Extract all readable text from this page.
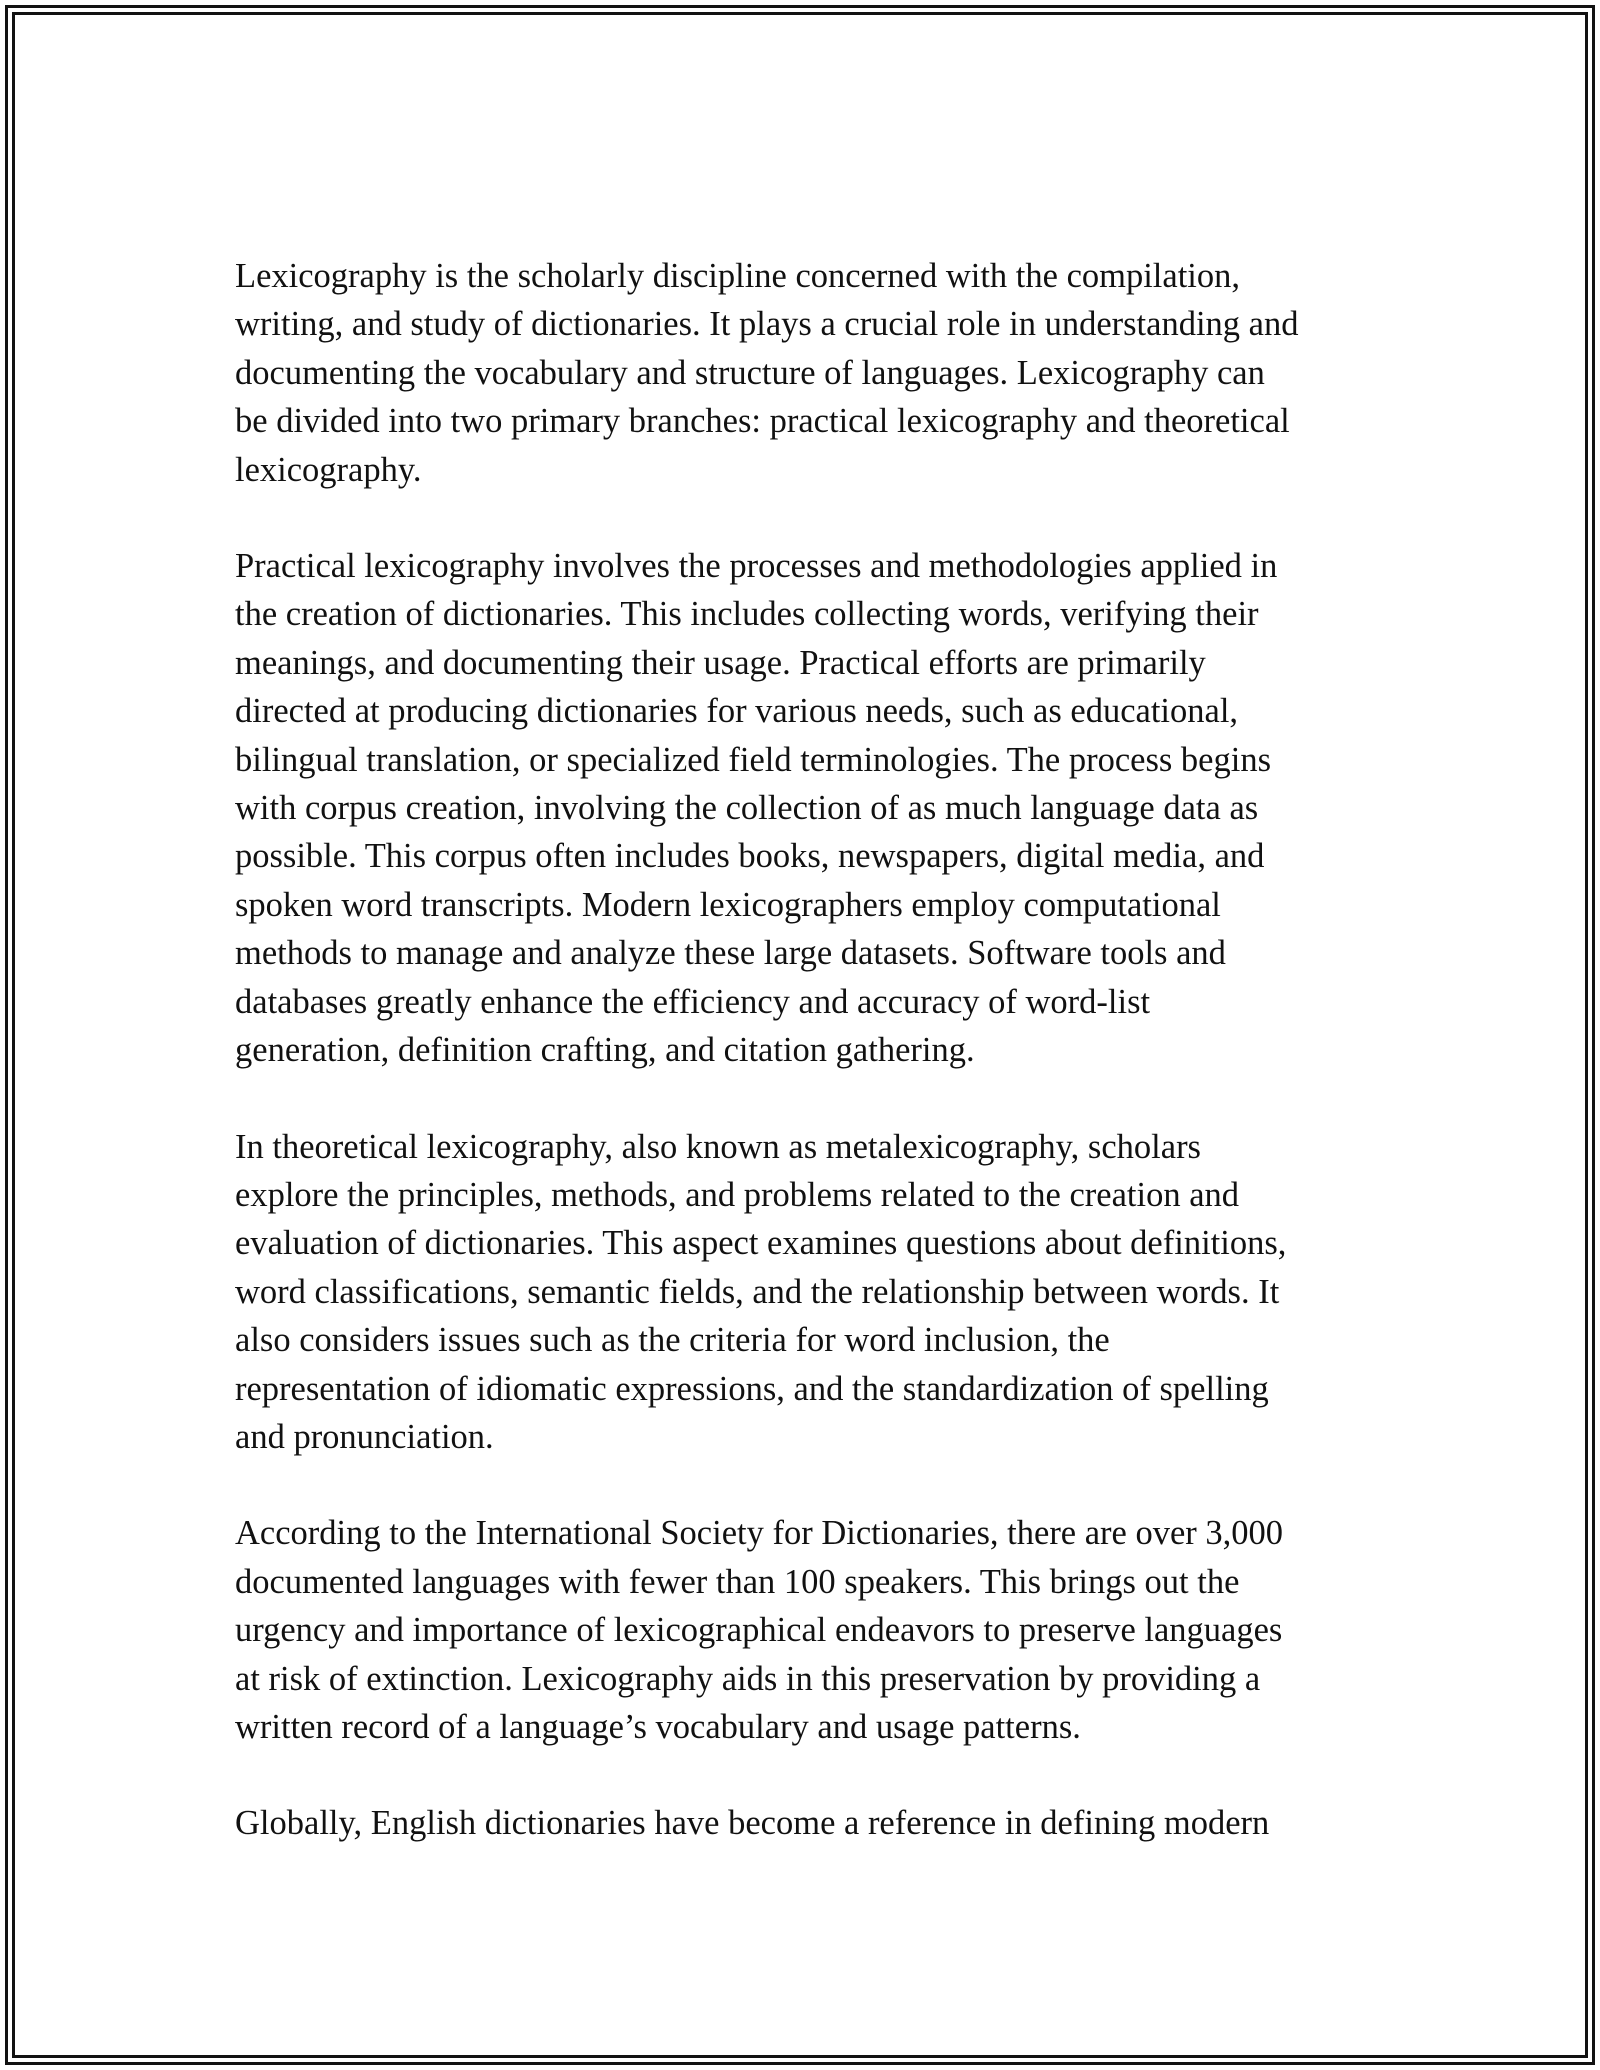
Lexicography is the scholarly discipline concerned with the compilation,
writing, and study of dictionaries. It plays a crucial role in understanding and
documenting the vocabulary and structure of languages. Lexicography can
be divided into two primary branches: practical lexicography and theoretical
lexicography.

Practical lexicography involves the processes and methodologies applied in
the creation of dictionaries. This includes collecting words, verifying their
meanings, and documenting their usage. Practical efforts are primarily
directed at producing dictionaries for various needs, such as educational,
bilingual translation, or specialized field terminologies. The process begins
with corpus creation, involving the collection of as much language data as
possible. This corpus often includes books, newspapers, digital media, and
spoken word transcripts. Modern lexicographers employ computational
methods to manage and analyze these large datasets. Software tools and
databases greatly enhance the efficiency and accuracy of word-list
generation, definition crafting, and citation gathering.

In theoretical lexicography, also known as metalexicography, scholars
explore the principles, methods, and problems related to the creation and
evaluation of dictionaries. This aspect examines questions about definitions,
word classifications, semantic fields, and the relationship between words. It
also considers issues such as the criteria for word inclusion, the
representation of idiomatic expressions, and the standardization of spelling
and pronunciation.

According to the International Society for Dictionaries, there are over 3,000
documented languages with fewer than 100 speakers. This brings out the
urgency and importance of lexicographical endeavors to preserve languages
at risk of extinction. Lexicography aids in this preservation by providing a
written record of a language’s vocabulary and usage patterns.

Globally, English dictionaries have become a reference in defining modern
